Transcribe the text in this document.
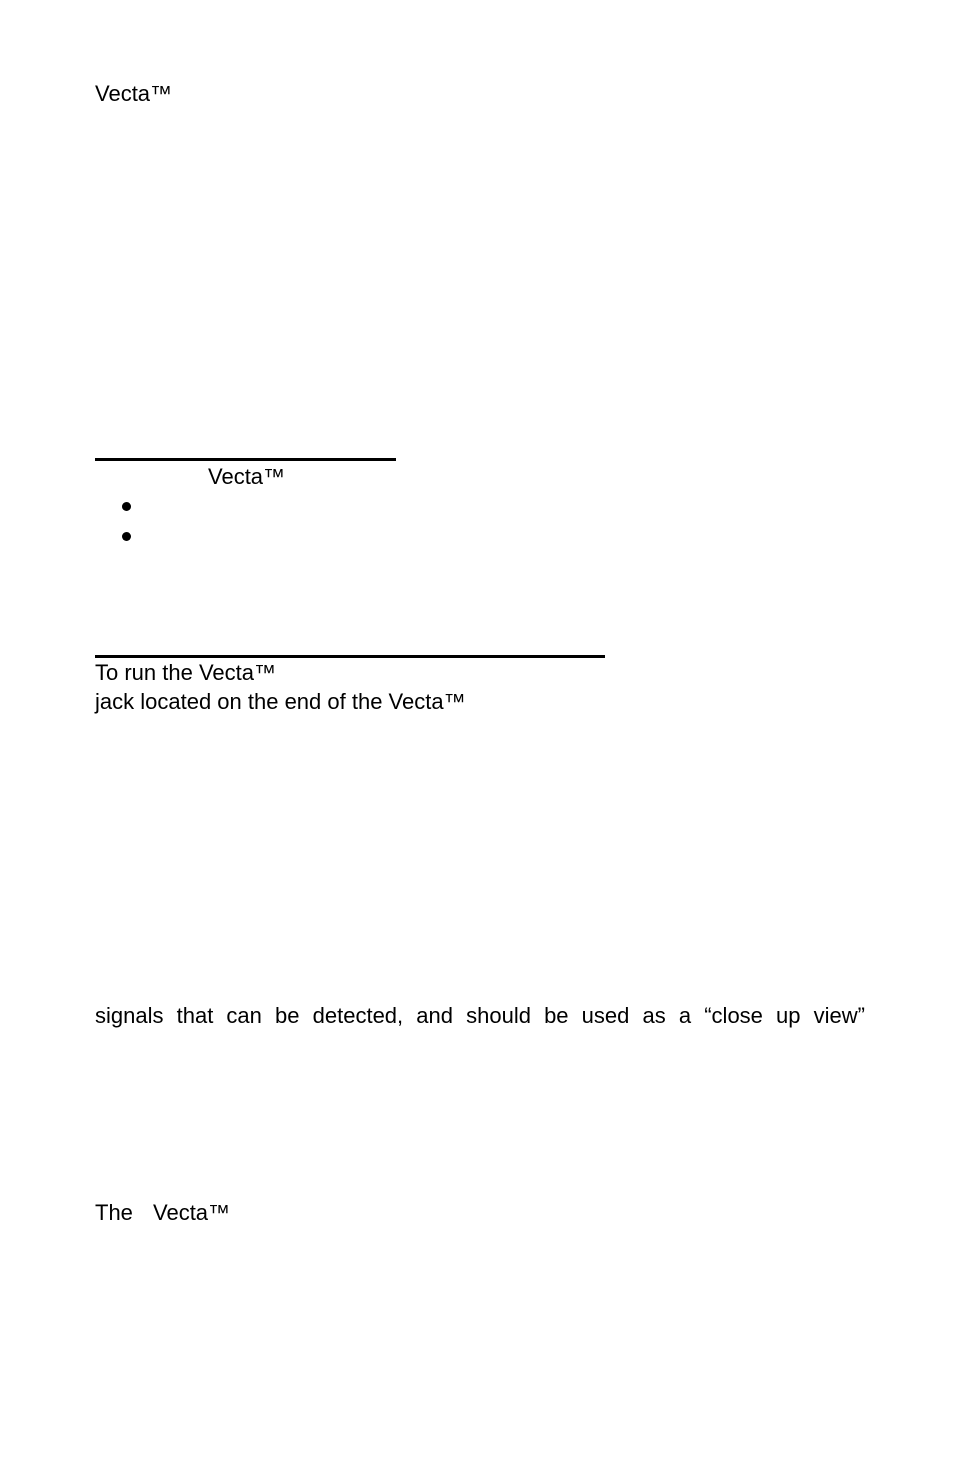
Vecta™
Vecta™
To run the Vecta™
jack located on the end of the Vecta™
signals that can be detected, and should be used as a “close up view”
The Vecta™
